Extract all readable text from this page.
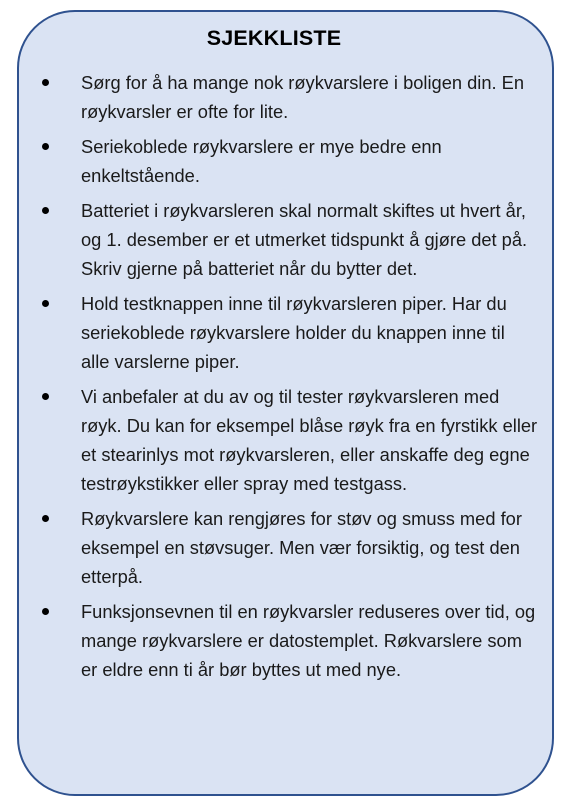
SJEKKLISTE
Sørg for å ha mange nok røykvarslere i boligen din. En røykvarsler er ofte for lite.
Seriekoblede røykvarslere er mye bedre enn enkeltstående.
Batteriet i røykvarsleren skal normalt skiftes ut hvert år, og 1. desember er et utmerket tidspunkt å gjøre det på. Skriv gjerne på batteriet når du bytter det.
Hold testknappen inne til røykvarsleren piper. Har du seriekoblede røykvarslere holder du knappen inne til alle varslerne piper.
Vi anbefaler at du av og til tester røykvarsleren med røyk. Du kan for eksempel blåse røyk fra en fyrstikk eller et stearinlys mot røykvarsleren, eller anskaffe deg egne testrøykstikker eller spray med testgass.
Røykvarslere kan rengjøres for støv og smuss med for eksempel en støvsuger. Men vær forsiktig, og test den etterpå.
Funksjonsevnen til en røykvarsler reduseres over tid, og mange røykvarslere er datostemplet. Røkvarslere som er eldre enn ti år bør byttes ut med nye.
